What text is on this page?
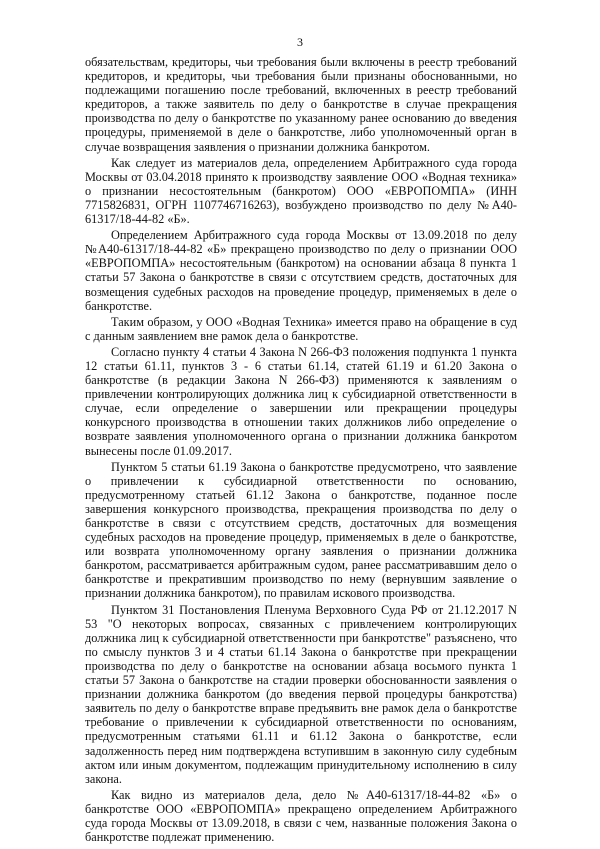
3

обязательствам, кредиторы, чьи требования были включены в реестр требований кредиторов, и кредиторы, чьи требования были признаны обоснованными, но подлежащими погашению после требований, включенных в реестр требований кредиторов, а также заявитель по делу о банкротстве в случае прекращения производства по делу о банкротстве по указанному ранее основанию до введения процедуры, применяемой в деле о банкротстве, либо уполномоченный орган в случае возвращения заявления о признании должника банкротом.

Как следует из материалов дела, определением Арбитражного суда города Москвы от 03.04.2018 принято к производству заявление ООО «Водная техника» о признании несостоятельным (банкротом) ООО «ЕВРОПОМПА» (ИНН 7715826831, ОГРН 1107746716263), возбуждено производство по делу №А40-61317/18-44-82 «Б».

Определением Арбитражного суда города Москвы от 13.09.2018 по делу №А40-61317/18-44-82 «Б» прекращено производство по делу о признании ООО «ЕВРОПОМПА» несостоятельным (банкротом) на основании абзаца 8 пункта 1 статьи 57 Закона о банкротстве в связи с отсутствием средств, достаточных для возмещения судебных расходов на проведение процедур, применяемых в деле о банкротстве.

Таким образом, у ООО «Водная Техника» имеется право на обращение в суд с данным заявлением вне рамок дела о банкротстве.

Согласно пункту 4 статьи 4 Закона N 266-ФЗ положения подпункта 1 пункта 12 статьи 61.11, пунктов 3 - 6 статьи 61.14, статей 61.19 и 61.20 Закона о банкротстве (в редакции Закона N 266-ФЗ) применяются к заявлениям о привлечении контролирующих должника лиц к субсидиарной ответственности в случае, если определение о завершении или прекращении процедуры конкурсного производства в отношении таких должников либо определение о возврате заявления уполномоченного органа о признании должника банкротом вынесены после 01.09.2017.

Пунктом 5 статьи 61.19 Закона о банкротстве предусмотрено, что заявление о привлечении к субсидиарной ответственности по основанию, предусмотренному статьей 61.12 Закона о банкротстве, поданное после завершения конкурсного производства, прекращения производства по делу о банкротстве в связи с отсутствием средств, достаточных для возмещения судебных расходов на проведение процедур, применяемых в деле о банкротстве, или возврата уполномоченному органу заявления о признании должника банкротом, рассматривается арбитражным судом, ранее рассматривавшим дело о банкротстве и прекратившим производство по нему (вернувшим заявление о признании должника банкротом), по правилам искового производства.

Пунктом 31 Постановления Пленума Верховного Суда РФ от 21.12.2017 N 53 "О некоторых вопросах, связанных с привлечением контролирующих должника лиц к субсидиарной ответственности при банкротстве" разъяснено, что по смыслу пунктов 3 и 4 статьи 61.14 Закона о банкротстве при прекращении производства по делу о банкротстве на основании абзаца восьмого пункта 1 статьи 57 Закона о банкротстве на стадии проверки обоснованности заявления о признании должника банкротом (до введения первой процедуры банкротства) заявитель по делу о банкротстве вправе предъявить вне рамок дела о банкротстве требование о привлечении к субсидиарной ответственности по основаниям, предусмотренным статьями 61.11 и 61.12 Закона о банкротстве, если задолженность перед ним подтверждена вступившим в законную силу судебным актом или иным документом, подлежащим принудительному исполнению в силу закона.

Как видно из материалов дела, дело №А40-61317/18-44-82 «Б» о банкротстве ООО «ЕВРОПОМПА» прекращено определением Арбитражного суда города Москвы от 13.09.2018, в связи с чем, названные положения Закона о банкротстве подлежат применению.
